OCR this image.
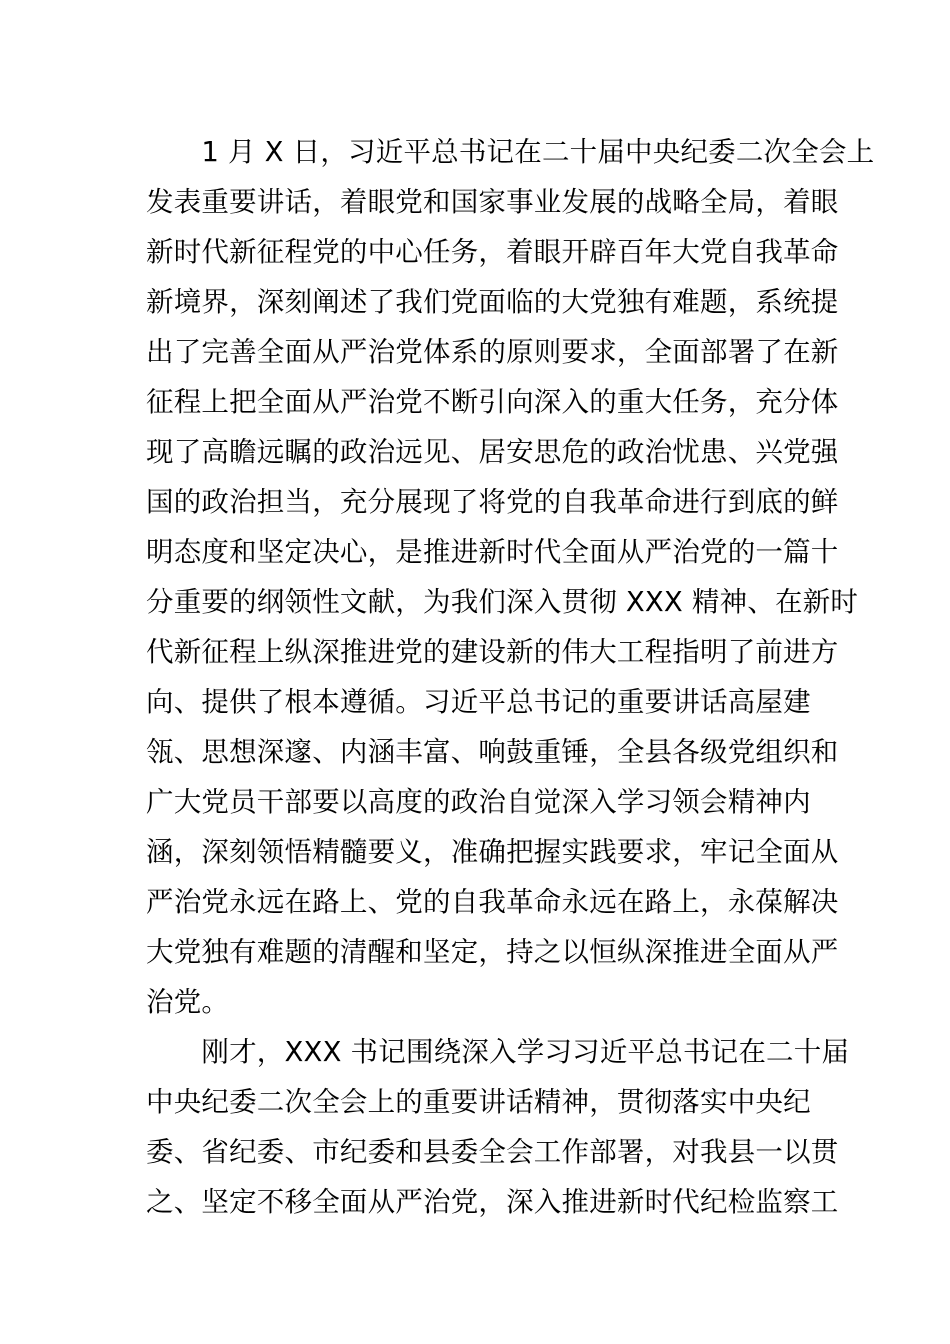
　　1 月 X 日，习近平总书记在二十届中央纪委二次全会上
发表重要讲话，着眼党和国家事业发展的战略全局，着眼
新时代新征程党的中心任务，着眼开辟百年大党自我革命
新境界，深刻阐述了我们党面临的大党独有难题，系统提
出了完善全面从严治党体系的原则要求，全面部署了在新
征程上把全面从严治党不断引向深入的重大任务，充分体
现了高瞻远瞩的政治远见、居安思危的政治忧患、兴党强
国的政治担当，充分展现了将党的自我革命进行到底的鲜
明态度和坚定决心，是推进新时代全面从严治党的一篇十
分重要的纲领性文献，为我们深入贯彻 XXX 精神、在新时
代新征程上纵深推进党的建设新的伟大工程指明了前进方
向、提供了根本遵循。习近平总书记的重要讲话高屋建
瓴、思想深邃、内涵丰富、响鼓重锤，全县各级党组织和
广大党员干部要以高度的政治自觉深入学习领会精神内
涵，深刻领悟精髓要义，准确把握实践要求，牢记全面从
严治党永远在路上、党的自我革命永远在路上，永葆解决
大党独有难题的清醒和坚定，持之以恒纵深推进全面从严
治党。
　　刚才，XXX 书记围绕深入学习习近平总书记在二十届
中央纪委二次全会上的重要讲话精神，贯彻落实中央纪
委、省纪委、市纪委和县委全会工作部署，对我县一以贯
之、坚定不移全面从严治党，深入推进新时代纪检监察工
